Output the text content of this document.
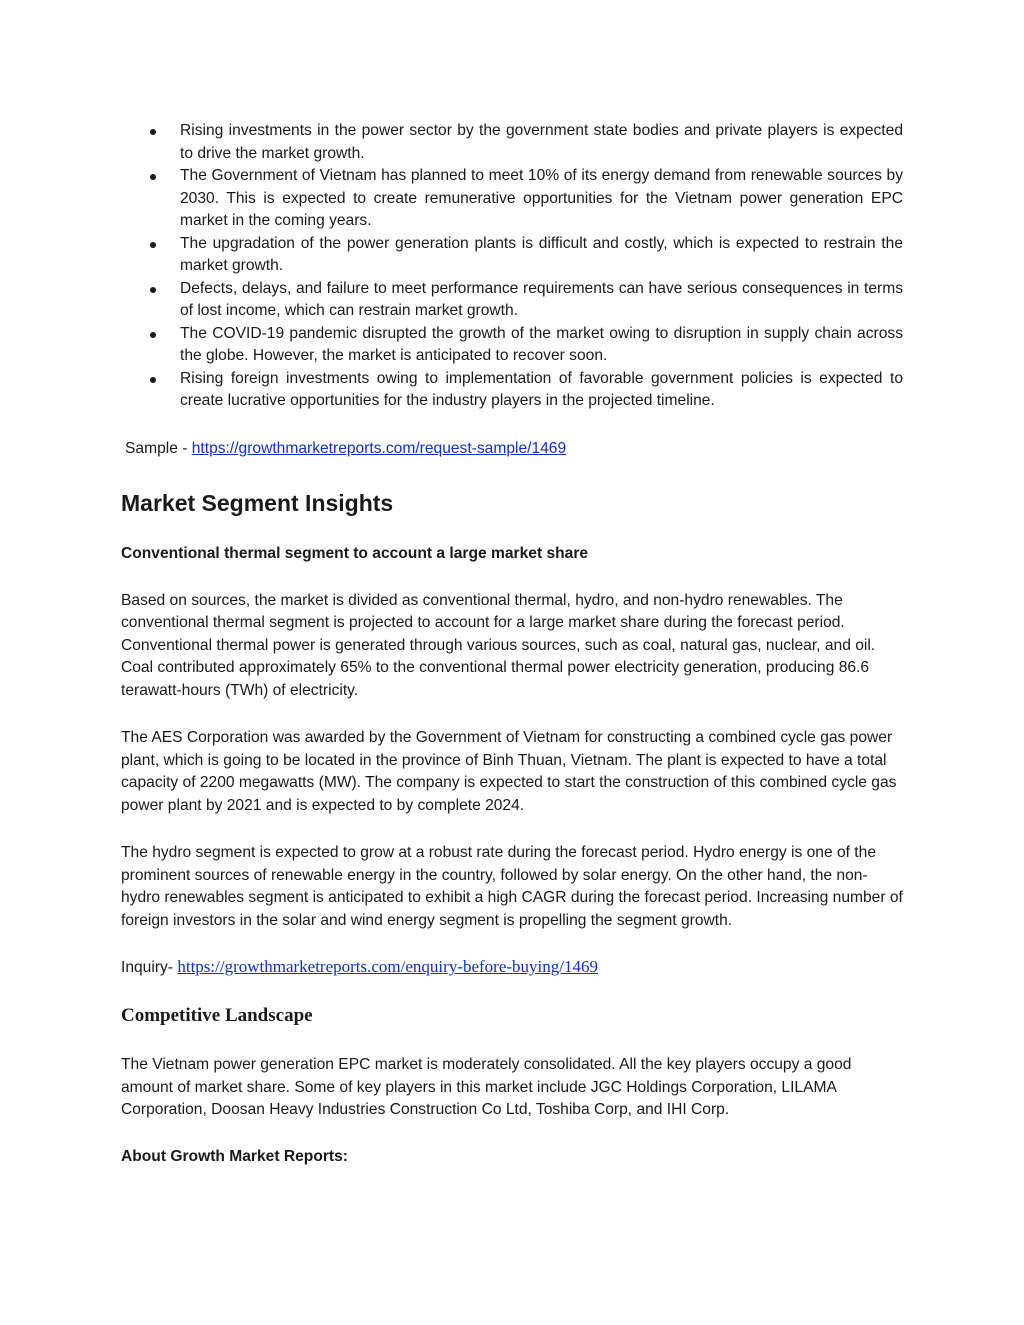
Rising investments in the power sector by the government state bodies and private players is expected to drive the market growth.
The Government of Vietnam has planned to meet 10% of its energy demand from renewable sources by 2030. This is expected to create remunerative opportunities for the Vietnam power generation EPC market in the coming years.
The upgradation of the power generation plants is difficult and costly, which is expected to restrain the market growth.
Defects, delays, and failure to meet performance requirements can have serious consequences in terms of lost income, which can restrain market growth.
The COVID-19 pandemic disrupted the growth of the market owing to disruption in supply chain across the globe. However, the market is anticipated to recover soon.
Rising foreign investments owing to implementation of favorable government policies is expected to create lucrative opportunities for the industry players in the projected timeline.
Sample - https://growthmarketreports.com/request-sample/1469
Market Segment Insights
Conventional thermal segment to account a large market share

Based on sources, the market is divided as conventional thermal, hydro, and non-hydro renewables. The conventional thermal segment is projected to account for a large market share during the forecast period. Conventional thermal power is generated through various sources, such as coal, natural gas, nuclear, and oil. Coal contributed approximately 65% to the conventional thermal power electricity generation, producing 86.6 terawatt-hours (TWh) of electricity.

The AES Corporation was awarded by the Government of Vietnam for constructing a combined cycle gas power plant, which is going to be located in the province of Binh Thuan, Vietnam. The plant is expected to have a total capacity of 2200 megawatts (MW). The company is expected to start the construction of this combined cycle gas power plant by 2021 and is expected to by complete 2024.

The hydro segment is expected to grow at a robust rate during the forecast period. Hydro energy is one of the prominent sources of renewable energy in the country, followed by solar energy. On the other hand, the non-hydro renewables segment is anticipated to exhibit a high CAGR during the forecast period. Increasing number of foreign investors in the solar and wind energy segment is propelling the segment growth.

Inquiry- https://growthmarketreports.com/enquiry-before-buying/1469
Competitive Landscape

The Vietnam power generation EPC market is moderately consolidated. All the key players occupy a good amount of market share. Some of key players in this market include JGC Holdings Corporation, LILAMA Corporation, Doosan Heavy Industries Construction Co Ltd, Toshiba Corp, and IHI Corp.

About Growth Market Reports:
